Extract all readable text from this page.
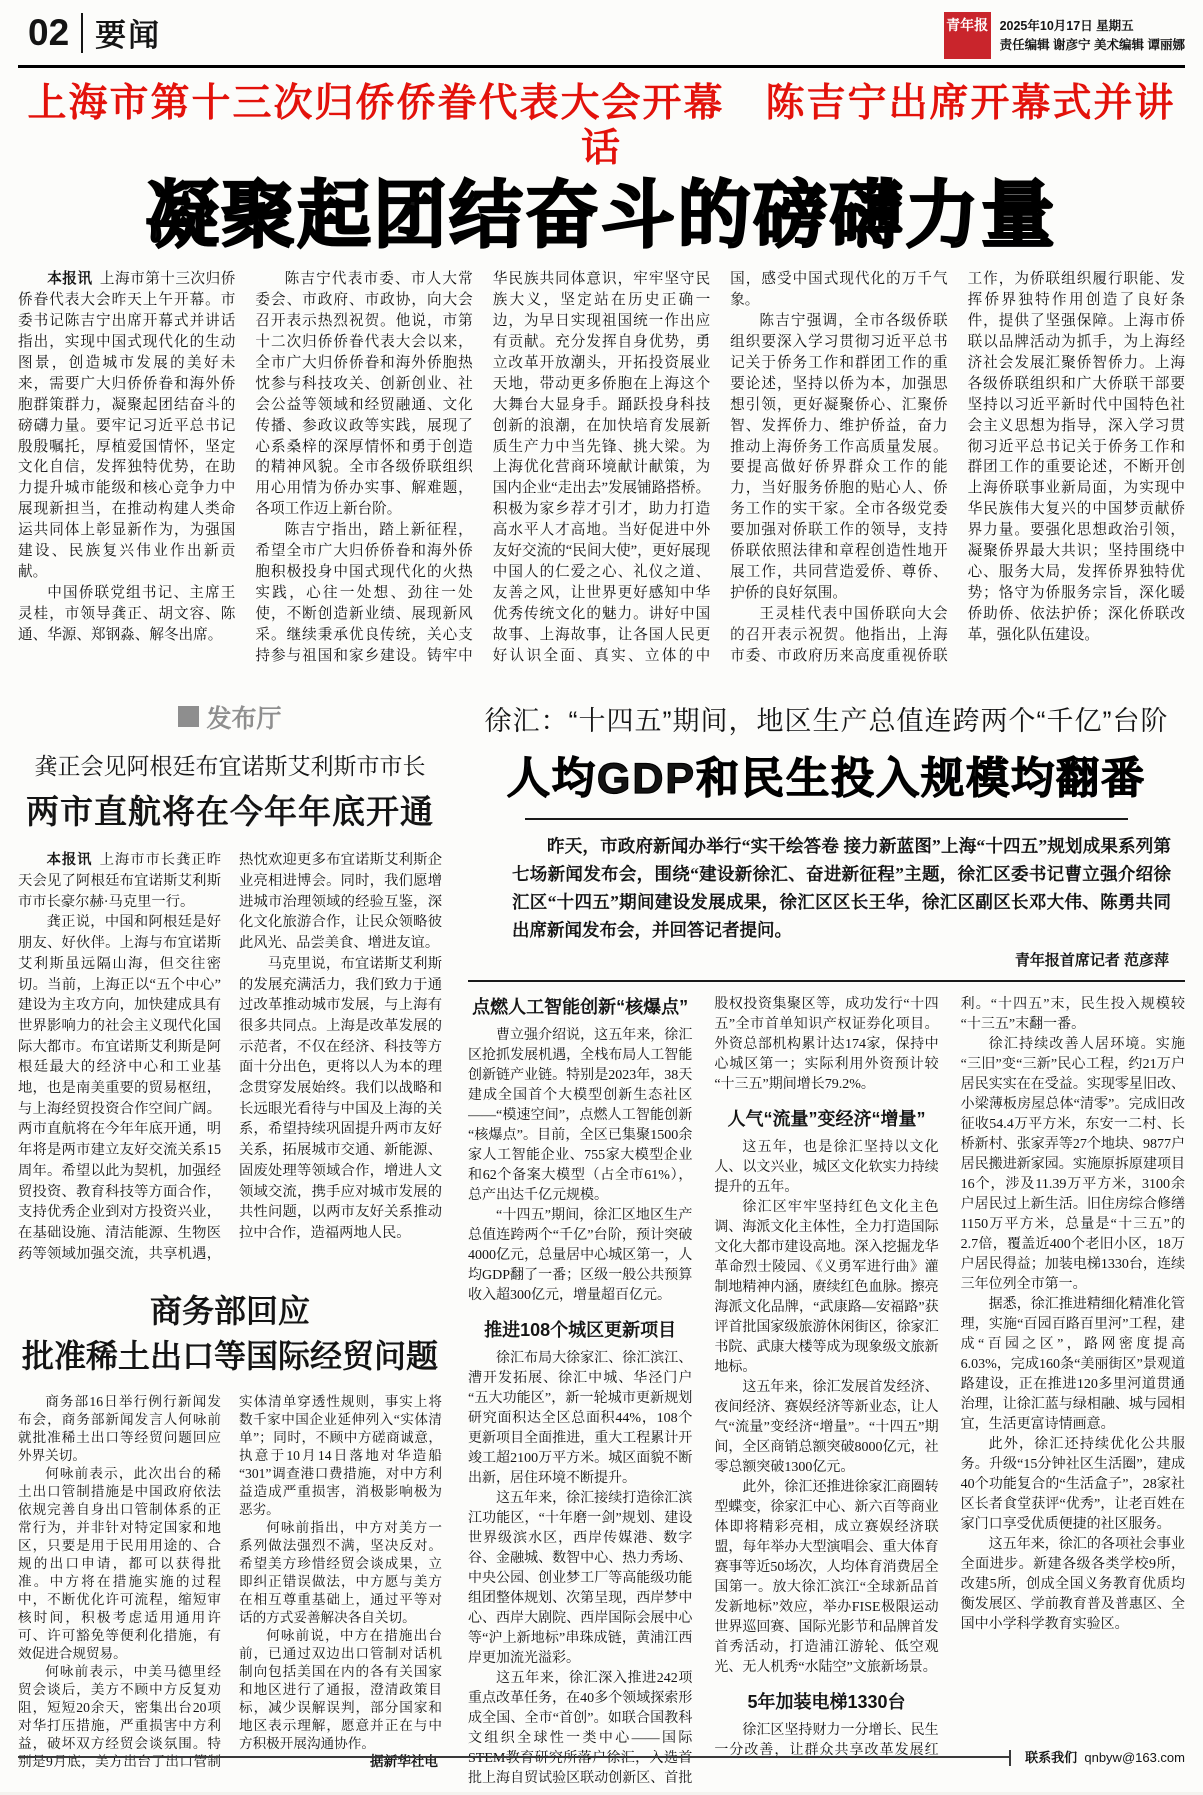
02 要闻	青年报 2025年10月17日 星期五
责任编辑 谢彦宁 美术编辑 谭丽娜
上海市第十三次归侨侨眷代表大会开幕　陈吉宁出席开幕式并讲话
凝聚起团结奋斗的磅礴力量

本报讯 上海市第十三次归侨侨眷代表大会昨天上午开幕。市委书记陈吉宁出席开幕式并讲话指出，实现中国式现代化的生动图景，创造城市发展的美好未来，需要广大归侨侨眷和海外侨胞群策群力，凝聚起团结奋斗的磅礴力量。要牢记习近平总书记殷殷嘱托，厚植爱国情怀，坚定文化自信，发挥独特优势，在助力提升城市能级和核心竞争力中展现新担当，在推动构建人类命运共同体上彰显新作为，为强国建设、民族复兴伟业作出新贡献。

中国侨联党组书记、主席王灵桂，市领导龚正、胡文容、陈通、华源、郑钢淼、解冬出席。

陈吉宁代表市委、市人大常委会、市政府、市政协，向大会召开表示热烈祝贺。他说，市第十二次归侨侨眷代表大会以来，全市广大归侨侨眷和海外侨胞热忱参与科技攻关、创新创业、社会公益等领域和经贸融通、文化传播、参政议政等实践，展现了心系桑梓的深厚情怀和勇于创造的精神风貌。全市各级侨联组织用心用情为侨办实事、解难题，各项工作迈上新台阶。

陈吉宁指出，踏上新征程，希望全市广大归侨侨眷和海外侨胞积极投身中国式现代化的火热实践，心往一处想、劲往一处使，不断创造新业绩、展现新风采。继续秉承优良传统，关心支持参与祖国和家乡建设。铸牢中华民族共同体意识，牢牢坚守民族大义，坚定站在历史正确一边，为早日实现祖国统一作出应有贡献。充分发挥自身优势，勇立改革开放潮头，开拓投资展业天地，带动更多侨胞在上海这个大舞台大显身手。踊跃投身科技创新的浪潮，在加快培育发展新质生产力中当先锋、挑大梁。为上海优化营商环境献计献策，为国内企业“走出去”发展铺路搭桥。积极为家乡荐才引才，助力打造高水平人才高地。当好促进中外友好交流的“民间大使”，更好展现中国人的仁爱之心、礼仪之道、友善之风，让世界更好感知中华优秀传统文化的魅力。讲好中国故事、上海故事，让各国人民更好认识全面、真实、立体的中国，感受中国式现代化的万千气象。

陈吉宁强调，全市各级侨联组织要深入学习贯彻习近平总书记关于侨务工作和群团工作的重要论述，坚持以侨为本，加强思想引领，更好凝聚侨心、汇聚侨智、发挥侨力、维护侨益，奋力推动上海侨务工作高质量发展。要提高做好侨界群众工作的能力，当好服务侨胞的贴心人、侨务工作的实干家。全市各级党委要加强对侨联工作的领导，支持侨联依照法律和章程创造性地开展工作，共同营造爱侨、尊侨、护侨的良好氛围。

王灵桂代表中国侨联向大会的召开表示祝贺。他指出，上海市委、市政府历来高度重视侨联工作，为侨联组织履行职能、发挥侨界独特作用创造了良好条件，提供了坚强保障。上海市侨联以品牌活动为抓手，为上海经济社会发展汇聚侨智侨力。上海各级侨联组织和广大侨联干部要坚持以习近平新时代中国特色社会主义思想为指导，深入学习贯彻习近平总书记关于侨务工作和群团工作的重要论述，不断开创上海侨联事业新局面，为实现中华民族伟大复兴的中国梦贡献侨界力量。要强化思想政治引领，凝聚侨界最大共识；坚持围绕中心、服务大局，发挥侨界独特优势；恪守为侨服务宗旨，深化暖侨助侨、依法护侨；深化侨联改革，强化队伍建设。

发布厅
龚正会见阿根廷布宜诺斯艾利斯市市长
两市直航将在今年年底开通

本报讯 上海市市长龚正昨天会见了阿根廷布宜诺斯艾利斯市市长豪尔赫·马克里一行。

龚正说，中国和阿根廷是好朋友、好伙伴。上海与布宜诺斯艾利斯虽远隔山海，但交往密切。当前，上海正以“五个中心”建设为主攻方向，加快建成具有世界影响力的社会主义现代化国际大都市。布宜诺斯艾利斯是阿根廷最大的经济中心和工业基地，也是南美重要的贸易枢纽，与上海经贸投资合作空间广阔。两市直航将在今年年底开通，明年将是两市建立友好交流关系15周年。希望以此为契机，加强经贸投资、教育科技等方面合作，支持优秀企业到对方投资兴业，在基础设施、清洁能源、生物医药等领域加强交流，共享机遇，热忱欢迎更多布宜诺斯艾利斯企业亮相进博会。同时，我们愿增进城市治理领域的经验互鉴，深化文化旅游合作，让民众领略彼此风光、品尝美食、增进友谊。

马克里说，布宜诺斯艾利斯的发展充满活力，我们致力于通过改革推动城市发展，与上海有很多共同点。上海是改革发展的示范者，不仅在经济、科技等方面十分出色，更将以人为本的理念贯穿发展始终。我们以战略和长远眼光看待与中国及上海的关系，希望持续巩固提升两市友好关系，拓展城市交通、新能源、固废处理等领域合作，增进人文领域交流，携手应对城市发展的共性问题，以两市友好关系推动拉中合作，造福两地人民。

商务部回应
批准稀土出口等国际经贸问题

商务部16日举行例行新闻发布会，商务部新闻发言人何咏前就批准稀土出口等经贸问题回应外界关切。

何咏前表示，此次出台的稀土出口管制措施是中国政府依法依规完善自身出口管制体系的正常行为，并非针对特定国家和地区，只要是用于民用用途的、合规的出口申请，都可以获得批准。中方将在措施实施的过程中，不断优化许可流程，缩短审核时间，积极考虑适用通用许可、许可豁免等便利化措施，有效促进合规贸易。

何咏前表示，中美马德里经贸会谈后，美方不顾中方反复劝阻，短短20余天，密集出台20项对华打压措施，严重损害中方利益，破坏双方经贸会谈氛围。特别是9月底，美方出台了出口管制实体清单穿透性规则，事实上将数千家中国企业延伸列入“实体清单”；同时，不顾中方磋商诚意，执意于10月14日落地对华造船“301”调查港口费措施，对中方利益造成严重损害，消极影响极为恶劣。

何咏前指出，中方对美方一系列做法强烈不满，坚决反对。希望美方珍惜经贸会谈成果，立即纠正错误做法，中方愿与美方在相互尊重基础上，通过平等对话的方式妥善解决各自关切。

何咏前说，中方在措施出台前，已通过双边出口管制对话机制向包括美国在内的各有关国家和地区进行了通报，澄清政策目标，减少误解误判，部分国家和地区表示理解，愿意并正在与中方积极开展沟通协作。

据新华社电

徐汇：“十四五”期间，地区生产总值连跨两个“千亿”台阶
人均GDP和民生投入规模均翻番

昨天，市政府新闻办举行“实干绘答卷 接力新蓝图”上海“十四五”规划成果系列第七场新闻发布会，围绕“建设新徐汇、奋进新征程”主题，徐汇区委书记曹立强介绍徐汇区“十四五”期间建设发展成果，徐汇区区长王华，徐汇区副区长邓大伟、陈勇共同出席新闻发布会，并回答记者提问。

青年报首席记者 范彦萍
点燃人工智能创新“核爆点”

曹立强介绍说，这五年来，徐汇区抢抓发展机遇，全栈布局人工智能创新链产业链。特别是2023年，38天建成全国首个大模型创新生态社区——“模速空间”，点燃人工智能创新“核爆点”。目前，全区已集聚1500余家人工智能企业、755家大模型企业和62个备案大模型（占全市61%），总产出达千亿元规模。

“十四五”期间，徐汇区地区生产总值连跨两个“千亿”台阶，预计突破4000亿元，总量居中心城区第一，人均GDP翻了一番；区级一般公共预算收入超300亿元，增量超百亿元。

推进108个城区更新项目

徐汇布局大徐家汇、徐汇滨江、漕开发拓展、徐汇中城、华泾门户“五大功能区”，新一轮城市更新规划研究面积达全区总面积44%，108个更新项目全面推进，重大工程累计开竣工超2100万平方米。城区面貌不断出新，居住环境不断提升。

这五年来，徐汇接续打造徐汇滨江功能区，“十年磨一剑”规划、建设世界级滨水区，西岸传媒港、数字谷、金融城、数智中心、热力秀场、中央公园、创业梦工厂等高能级功能组团整体规划、次第呈现，西岸梦中心、西岸大剧院、西岸国际会展中心等“沪上新地标”串珠成链，黄浦江西岸更加流光溢彩。

这五年来，徐汇深入推进242项重点改革任务，在40多个领域探索形成全国、全市“首创”。如联合国教科文组织全球性一类中心——国际STEM教育研究所落户徐汇，入选首批上海自贸试验区联动创新区、首批股权投资集聚区等，成功发行“十四五”全市首单知识产权证券化项目。外资总部机构累计达174家，保持中心城区第一；实际利用外资预计较“十三五”期间增长79.2%。

人气“流量”变经济“增量”

这五年，也是徐汇坚持以文化人、以文兴业，城区文化软实力持续提升的五年。

徐汇区牢牢坚持红色文化主色调、海派文化主体性，全力打造国际文化大都市建设高地。深入挖掘龙华革命烈士陵园、《义勇军进行曲》灌制地精神内涵，赓续红色血脉。擦亮海派文化品牌，“武康路—安福路”获评首批国家级旅游休闲街区，徐家汇书院、武康大楼等成为现象级文旅新地标。

这五年来，徐汇发展首发经济、夜间经济、赛娱经济等新业态，让人气“流量”变经济“增量”。“十四五”期间，全区商销总额突破8000亿元，社零总额突破1300亿元。

此外，徐汇还推进徐家汇商圈转型蝶变，徐家汇中心、新六百等商业体即将精彩亮相，成立赛娱经济联盟，每年举办大型演唱会、重大体育赛事等近50场次，人均体育消费居全国第一。放大徐汇滨江“全球新品首发新地标”效应，举办FISE极限运动世界巡回赛、国际光影节和品牌首发首秀活动，打造浦江游轮、低空观光、无人机秀“水陆空”文旅新场景。

5年加装电梯1330台

徐汇区坚持财力一分增长、民生一分改善，让群众共享改革发展红利。“十四五”末，民生投入规模较“十三五”末翻一番。

徐汇持续改善人居环境。实施“三旧”变“三新”民心工程，约21万户居民实实在在受益。实现零星旧改、小梁薄板房屋总体“清零”。完成旧改征收54.4万平方米，东安一二村、长桥新村、张家弄等27个地块、9877户居民搬进新家园。实施原拆原建项目16个，涉及11.39万平方米，3100余户居民过上新生活。旧住房综合修缮1150万平方米，总量是“十三五”的2.7倍，覆盖近400个老旧小区，18万户居民得益；加装电梯1330台，连续三年位列全市第一。

据悉，徐汇推进精细化精准化管理，实施“百园百路百里河”工程，建成“百园之区”，路网密度提高6.03%，完成160条“美丽街区”景观道路建设，正在推进120多里河道贯通治理，让徐汇蓝与绿相融、城与园相宜，生活更富诗情画意。

此外，徐汇还持续优化公共服务。升级“15分钟社区生活圈”，建成40个功能复合的“生活盒子”，28家社区长者食堂获评“优秀”，让老百姓在家门口享受优质便捷的社区服务。

这五年来，徐汇的各项社会事业全面进步。新建各级各类学校9所，改建5所，创成全国义务教育优质均衡发展区、学前教育普及普惠区、全国中小学科学教育实验区。

联系我们 qnbyw@163.com
